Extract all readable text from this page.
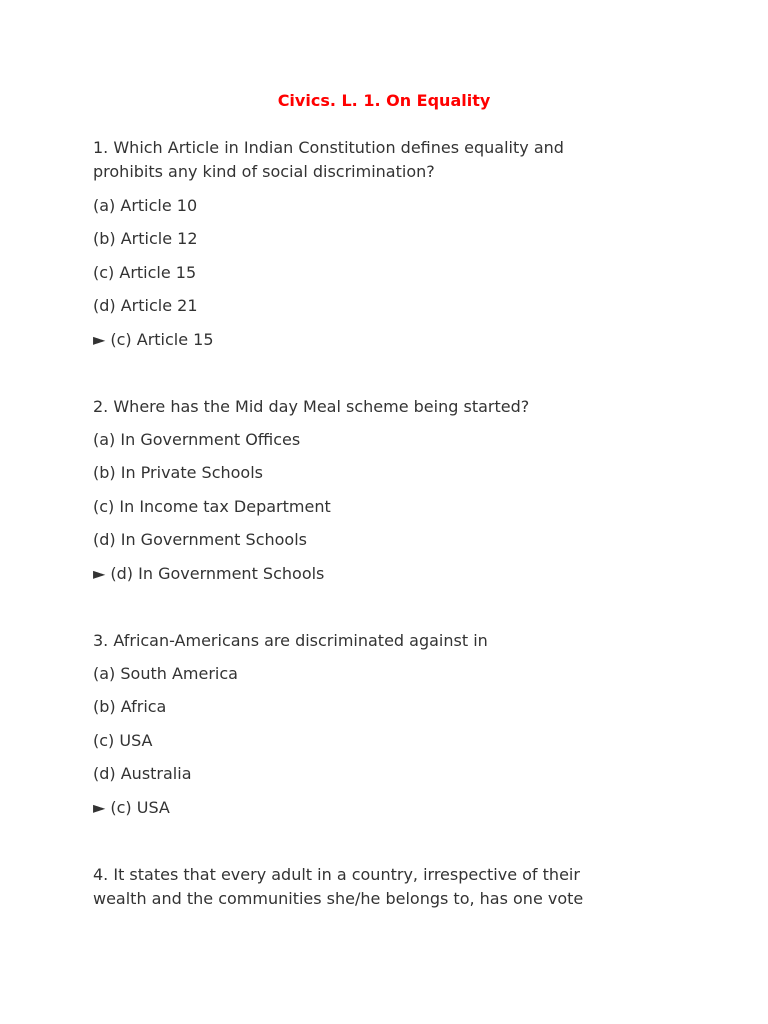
Civics. L. 1. On Equality
1. Which Article in Indian Constitution defines equality and
prohibits any kind of social discrimination?
(a) Article 10
(b) Article 12
(c) Article 15
(d) Article 21
► (c) Article 15
2. Where has the Mid day Meal scheme being started?
(a) In Government Offices
(b) In Private Schools
(c) In Income tax Department
(d) In Government Schools
► (d) In Government Schools
3. African-Americans are discriminated against in
(a) South America
(b) Africa
(c) USA
(d) Australia
► (c) USA
4. It states that every adult in a country, irrespective of their
wealth and the communities she/he belongs to, has one vote
